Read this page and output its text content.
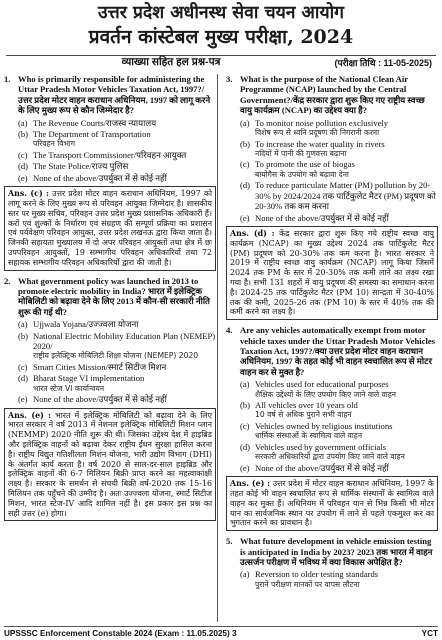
उत्तर प्रदेश अधीनस्थ सेवा चयन आयोग
प्रवर्तन कांस्टेबल मुख्य परीक्षा, 2024
व्याख्या सहित हल प्रश्न-पत्र	(परीक्षा तिथि : 11-05-2025)
1. Who is primarily responsible for administering the Uttar Pradesh Motor Vehicles Taxation Act, 1997?/उत्तर प्रदेश मोटर वाहन कराधान अधिनियम, 1997 को लागू करने के लिए मुख्य रूप से कौन जिम्मेदार है?
(a) The Revenue Courts/राजस्व न्यायालय
(b) The Department of Transportation
परिवहन विभाग
(c) The Transport Commissioner/परिवहन आयुक्त
(d) The State Police/राज्य पुलिस
(e) None of the above/उपर्युक्त में से कोई नहीं
Ans. (c) : उत्तर प्रदेश मोटर वाहन कराधान अधिनियम, 1997 को लागू करने के लिए मुख्य रूप से परिवहन आयुक्त जिम्मेदार है। शासकीय स्तर पर मुख्य सचिव, परिवहन उत्तर प्रदेश मुख्य प्रशासनिक अधिकारी हैं। करों एवं शुल्कों के निर्धारण एवं संग्रहण की सम्पूर्ण प्रक्रिया का प्रशासन एवं पर्यवेक्षण परिवहन आयुक्त, उत्तर प्रदेश लखनऊ द्वारा किया जाता है। जिनकी सहायता मुख्यालय में दो अपर परिवहन आयुक्तों तथा क्षेत्र में छः उपपरिवहन आयुक्तों, 19 सम्भागीय परिवहन अधिकारियों तथा 72 सहायक सम्भागीय परिवहन अधिकारियों द्वारा की जाती है।
2. What government policy was launched in 2013 to promote electric mobility in India? भारत में इलेक्ट्रिक मोबिलिटी को बढ़ावा देने के लिए 2013 में कौन-सी सरकारी नीति शुरू की गई थी?
(a) Ujjwala Yojana/उज्ज्वला योजना
(b) National Electric Mobility Education Plan (NEMEP) 2020/
राष्ट्रीय इलेक्ट्रिक मोबिलिटी शिक्षा योजना (NEMEP) 2020
(c) Smart Cities Mission/स्मार्ट सिटीज मिशन
(d) Bharat Stage VI implementation
भारत स्टेज VI कार्यान्वयन
(e) None of the above/उपर्युक्त में से कोई नहीं
Ans. (e) : भारत में इलेक्ट्रिक मोबिलिटी को बढ़ावा देने के लिए भारत सरकार ने वर्ष 2013 में नेशनल इलेक्ट्रिक मोबिलिटी मिशन प्लान (NEMMP) 2020 नीति शुरू की थी। जिसका उद्देश्य देश में हाइब्रिड और इलेक्ट्रिक वाहनों को बढ़ावा देकर राष्ट्रीय ईंधन सुरक्षा हासिल करना है। राष्ट्रीय विद्युत गतिशीलता मिशन योजना, भारी उद्योग विभाग (DHI) के अंतर्गत कार्य करता है। वर्ष 2020 से साल-दर-साल हाइब्रिड और इलेक्ट्रिक वाहनों की 6-7 मिलियन बिक्री प्राप्त करने का महत्वाकांक्षी लक्ष्य है। सरकार के समर्थन से संचयी बिक्री वर्ष-2020 तक 15-16 मिलियन तक पहुँचने की उम्मीद है। अतः उज्ज्वला योजना, स्मार्ट सिटीज मिशन, भारत स्टेज-IV आदि शामिल नहीं है। इस प्रकार इस प्रश्न का सही उत्तर (e) होगा।
3. What is the purpose of the National Clean Air Programme (NCAP) launched by the Central Government?/केंद्र सरकार द्वारा शुरू किए गए राष्ट्रीय स्वच्छ वायु कार्यक्रम (NCAP) का उद्देश्य क्या है?
(a) To monitor noise pollution exclusively
विशेष रूप से ध्वनि प्रदूषण की निगरानी करना
(b) To increase the water quality in rivers
नदियों में पानी की गुणवत्ता बढ़ाना
(c) To promote the use of biogas
बायोगैस के उपयोग को बढ़ावा देना
(d) To reduce particulate Matter (PM) pollution by 20-30% by 2024/2024 तक पार्टिकुलेट मैटर (PM) प्रदूषण को 20-30% तक कम करना
(e) None of the above/उपर्युक्त में से कोई नहीं
Ans. (d) : केंद्र सरकार द्वारा शुरू किए गये राष्ट्रीय स्वच्छ वायु कार्यक्रम (NCAP) का मुख्य उद्देश्य 2024 तक पार्टिकुलेट मैटर (PM) प्रदूषण को 20-30% तक कम करना है। भारत सरकार ने 2019 में राष्ट्रीय स्वच्छ वायु कार्यक्रम (NCAP) लागू किया जिसमें 2024 तक PM के स्तर में 20-30% तक कमी लाने का लक्ष्य रखा गया है। सभी 131 शहरों में वायु प्रदूषण की समस्या का समाधान करना है। 2024-25 तक पार्टिकुलेट मैटर (PM 10) सान्द्रता में 30-40% तक की कमी, 2025-26 तक (PM 10) के स्तर में 40% तक की कमी करने का लक्ष्य है।
4. Are any vehicles automatically exempt from motor vehicle taxes under the Uttar Pradesh Motor Vehicles Taxation Act, 1997?/क्या उत्तर प्रदेश मोटर वाहन कराधान अधिनियम, 1997 के तहत कोई भी वाहन स्वचालित रूप से मोटर वाहन कर से मुक्त है?
(a) Vehicles used for educational purposes
शैक्षिक उद्देश्यों के लिए उपयोग किए जाने वाले वाहन
(b) All vehicles over 10 years old
10 वर्ष से अधिक पुराने सभी वाहन
(c) Vehicles owned by religious institutions
धार्मिक संस्थाओं के स्वामित्व वाले वाहन
(d) Vehicles used by government officials
सरकारी अधिकारियों द्वारा उपयोग किए जाने वाले वाहन
(e) None of the above/उपर्युक्त में से कोई नहीं
Ans. (e) : उत्तर प्रदेश में मोटर वाहन कराधान अधिनियम, 1997 के तहत कोई भी वाहन स्वचालित रूप से धार्मिक संस्थानों के स्वामित्व वाले वाहन कर मुक्त हैं। अधिनियम में परिवहन यान से भिन्न किसी भी मोटर यान का सार्वजनिक स्थान पर उपयोग में लाने से पहले एकमुश्त कर का भुगतान करने का प्रावधान है।
5. What future development in vehicle emission testing is anticipated in India by 2023? 2023 तक भारत में वाहन उत्सर्जन परीक्षण में भविष्य में क्या विकास अपेक्षित है?
(a) Reversion to older testing standards
पुराने परीक्षण मानकों पर वापस लौटना
UPSSSC Enforcement Constable 2024 (Exam : 11.05.2025) 3	YCT
